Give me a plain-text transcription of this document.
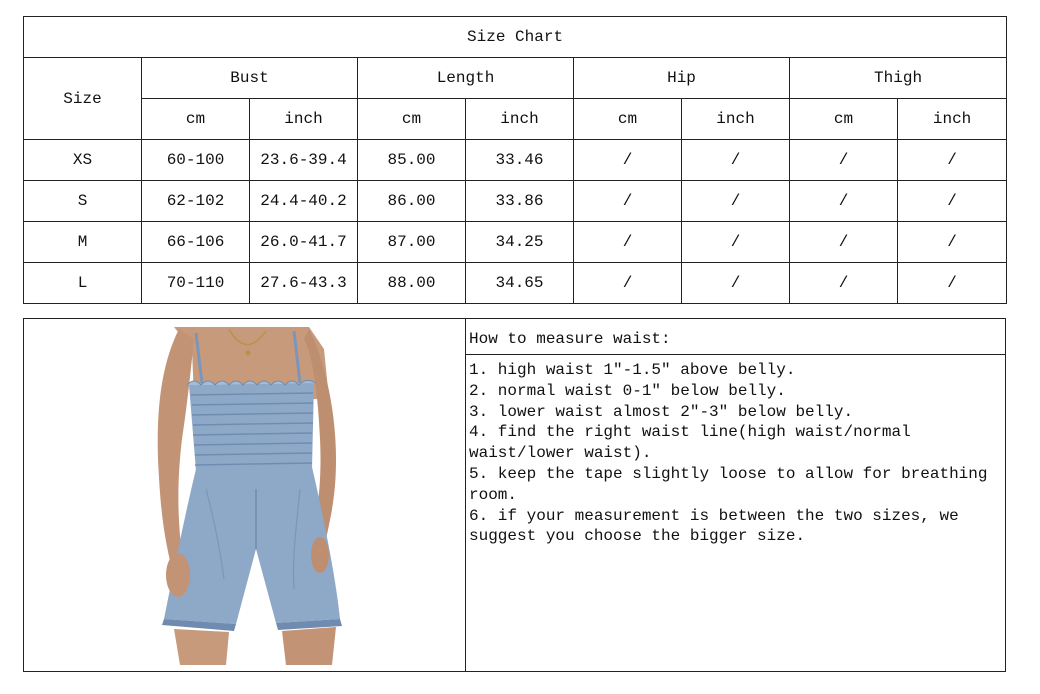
Size Chart								
Size	Bust		Length		Hip		Thigh	
	cm	inch	cm	inch	cm	inch	cm	inch
XS	60-100	23.6-39.4	85.00	33.46	/	/	/	/
S	62-102	24.4-40.2	86.00	33.86	/	/	/	/
M	66-106	26.0-41.7	87.00	34.25	/	/	/	/
L	70-110	27.6-43.3	88.00	34.65	/	/	/	/
How to measure waist:
1. high waist 1"-1.5" above belly.
2. normal waist 0-1" below belly.
3. lower waist almost 2"-3" below belly.
4. find the right waist line(high waist/normal waist/lower waist).
5. keep the tape slightly loose to allow for breathing room.
6. if your measurement is between the two sizes, we suggest you choose the bigger size.
